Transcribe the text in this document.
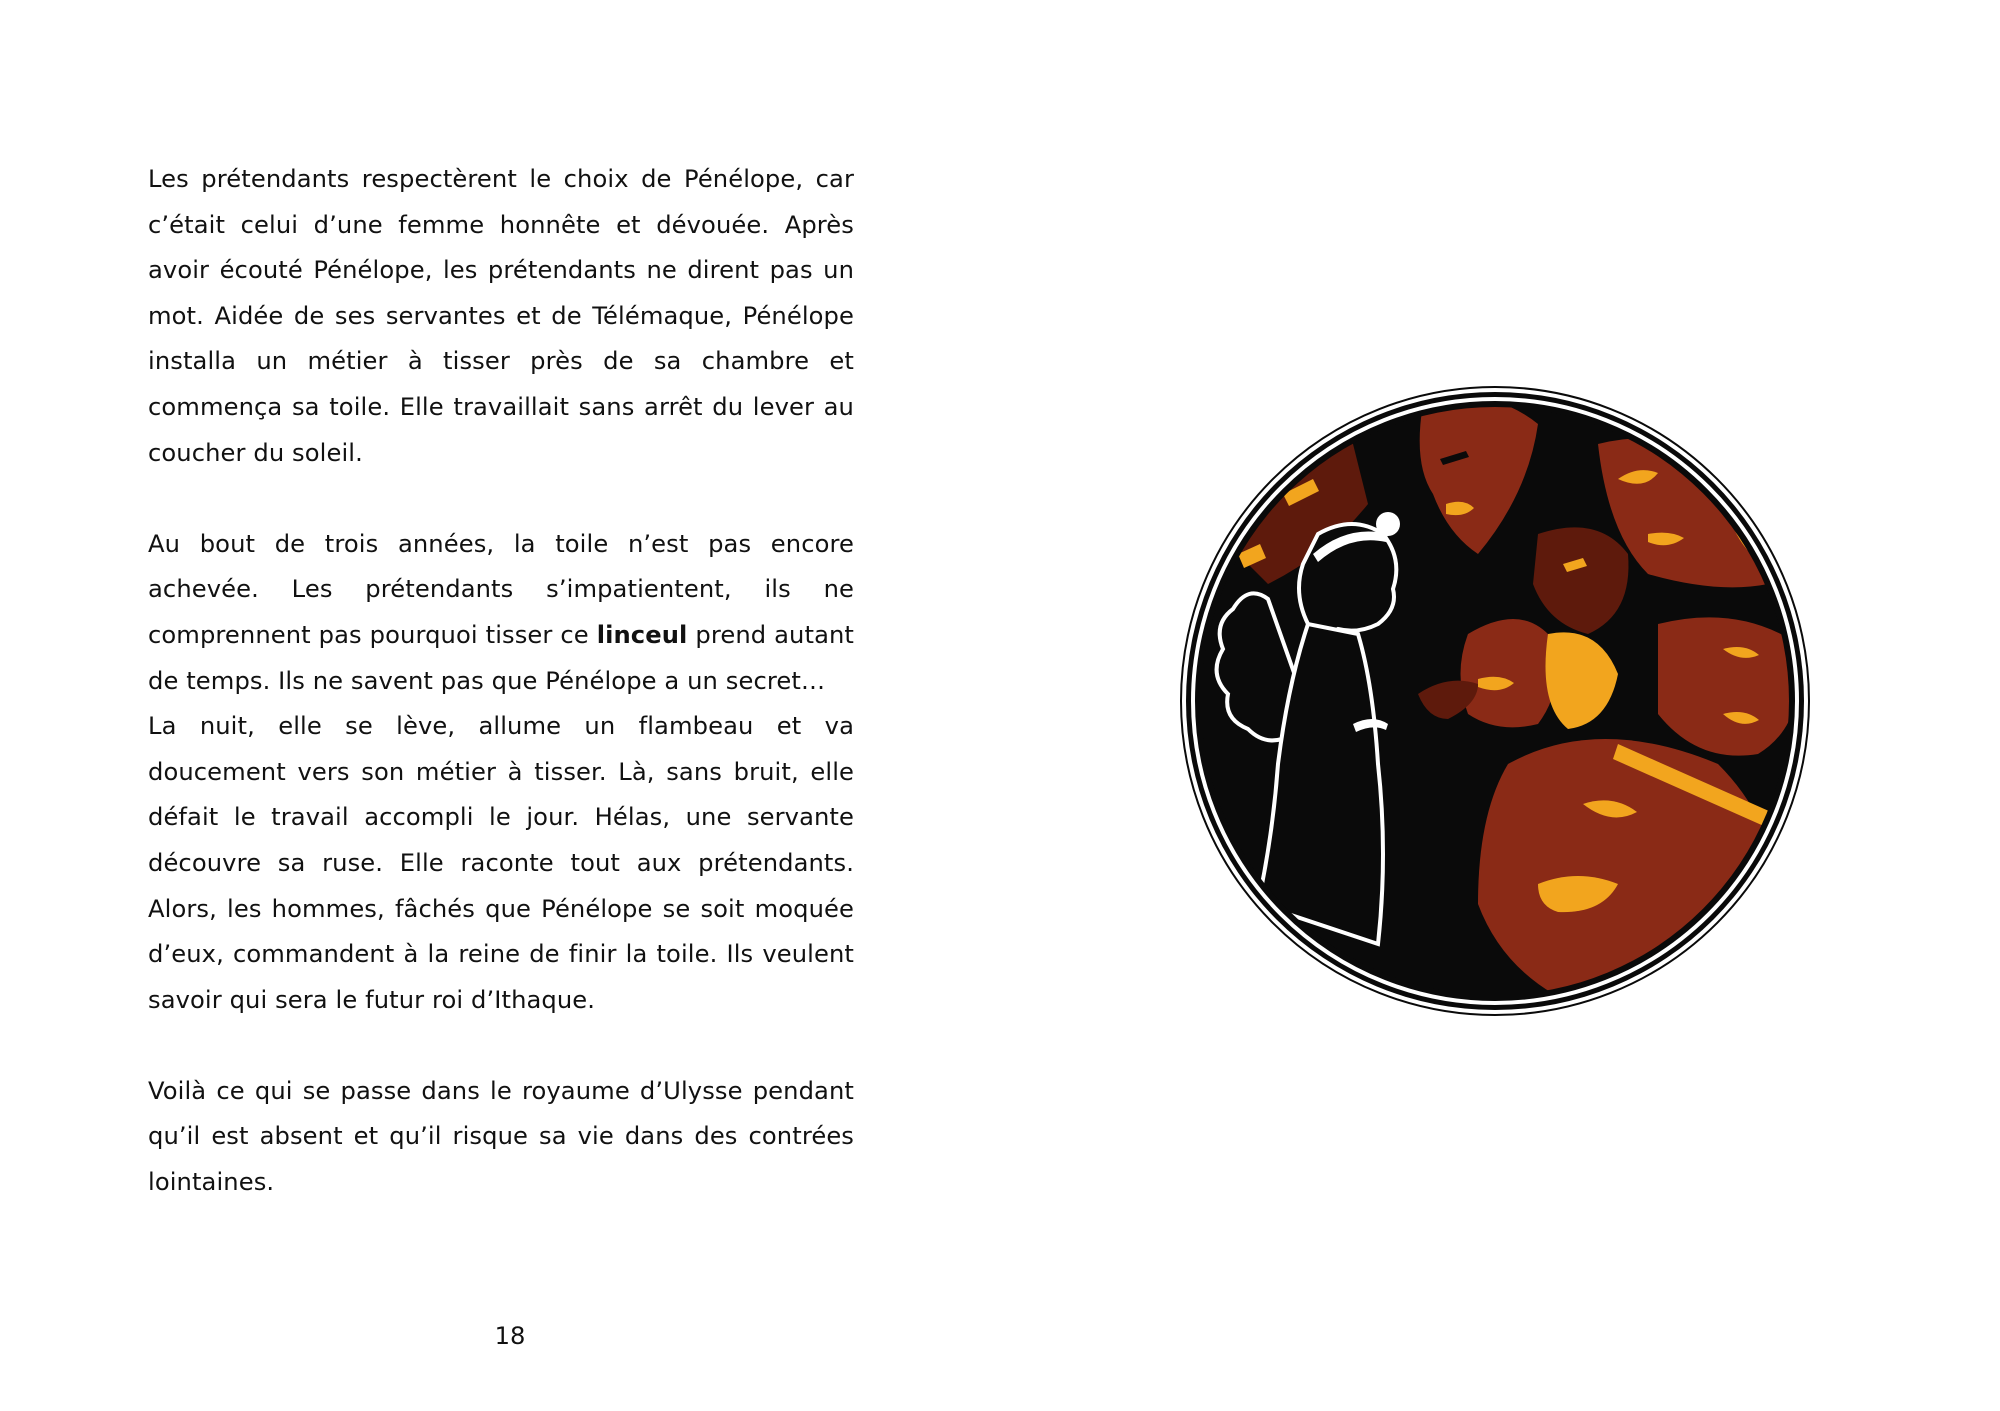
Les prétendants respectèrent le choix de Pénélope, car c’était celui d’une femme honnête et dévouée. Après avoir écouté Pénélope, les prétendants ne dirent pas un mot. Aidée de ses servantes et de Télémaque, Pénélope installa un métier à tisser près de sa chambre et commença sa toile. Elle travaillait sans arrêt du lever au coucher du soleil.

Au bout de trois années, la toile n’est pas encore achevée. Les prétendants s’impatientent, ils ne comprennent pas pourquoi tisser ce linceul prend autant de temps. Ils ne savent pas que Pénélope a un secret…

La nuit, elle se lève, allume un flambeau et va doucement vers son métier à tisser. Là, sans bruit, elle défait le travail accompli le jour. Hélas, une servante découvre sa ruse. Elle raconte tout aux prétendants. Alors, les hommes, fâchés que Pénélope se soit moquée d’eux, commandent à la reine de finir la toile. Ils veulent savoir qui sera le futur roi d’Ithaque.

Voilà ce qui se passe dans le royaume d’Ulysse pendant qu’il est absent et qu’il risque sa vie dans des contrées lointaines.

18
